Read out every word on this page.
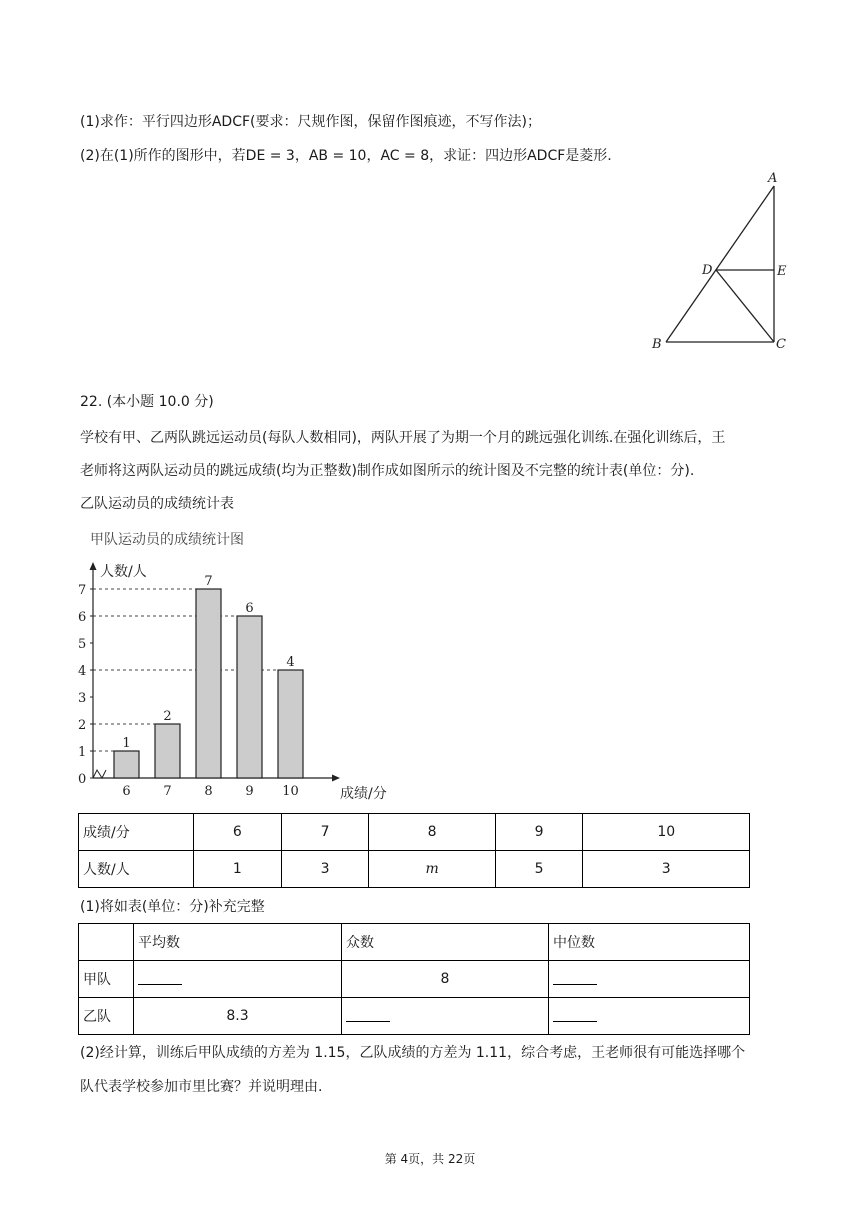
(1)求作：平行四边形ADCF(要求：尺规作图，保留作图痕迹，不写作法)；
(2)在(1)所作的图形中，若DE = 3，AB = 10，AC = 8，求证：四边形ADCF是菱形.
A
B	C
D	E
22. (本小题 10.0 分)
学校有甲、乙两队跳远运动员(每队人数相同)，两队开展了为期一个月的跳远强化训练.在强化训练后，王
老师将这两队运动员的跳远成绩(均为正整数)制作成如图所示的统计图及不完整的统计表(单位：分).
乙队运动员的成绩统计表
甲队运动员的成绩统计图
人数/人
成绩/分
0
1
2
3
4
5
6
7
1
2
7
6
4
6	7	8	9 10
成绩/分	6	7	8	9	10
人数/人	1	3	m	5	3
(1)将如表(单位：分)补充完整
	平均数	众数	中位数
甲队		8	
乙队	8.3		
(2)经计算，训练后甲队成绩的方差为 1.15，乙队成绩的方差为 1.11，综合考虑，王老师很有可能选择哪个
队代表学校参加市里比赛？并说明理由.
第 4页，共 22页
